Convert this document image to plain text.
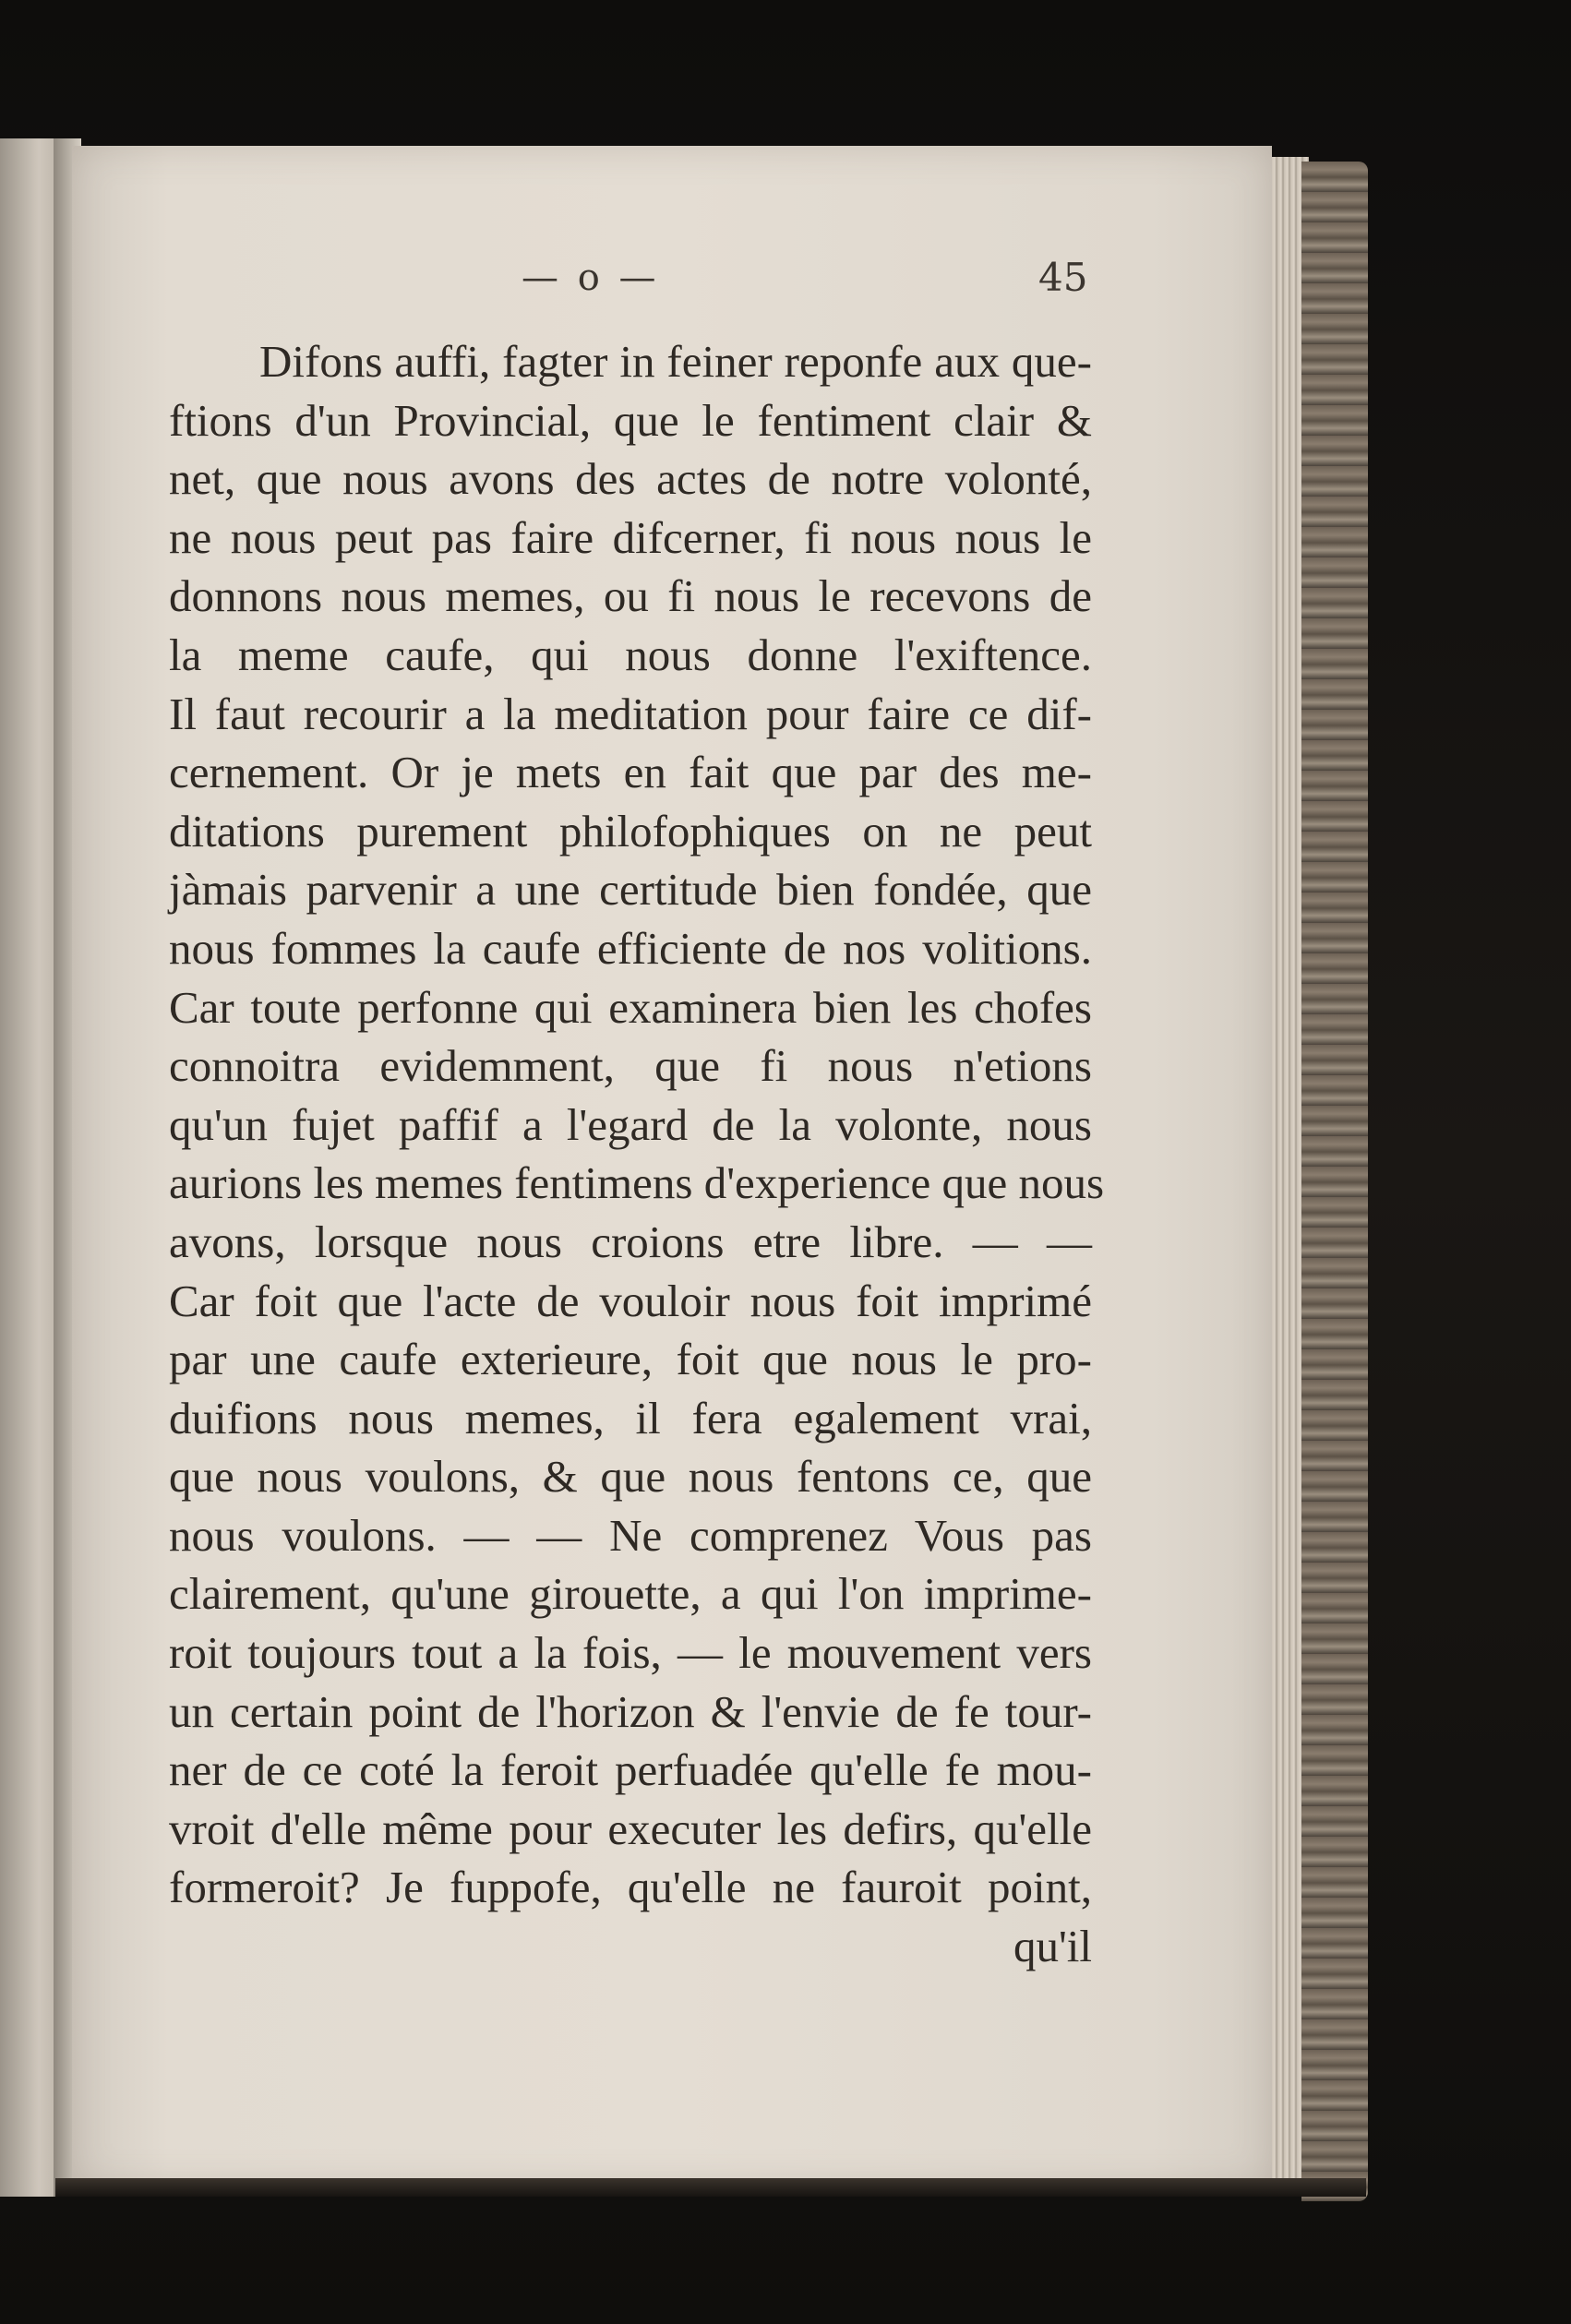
— o —	45
Difons auffi, fagter in feiner reponfe aux que-
ftions d'un Provincial, que le fentiment clair &
net, que nous avons des actes de notre volonté,
ne nous peut pas faire difcerner, fi nous nous le
donnons nous memes, ou fi nous le recevons de
la meme caufe, qui nous donne l'exiftence.
Il faut recourir a la meditation pour faire ce dif-
cernement. Or je mets en fait que par des me-
ditations purement philofophiques on ne peut
jàmais parvenir a une certitude bien fondée, que
nous fommes la caufe efficiente de nos volitions.
Car toute perfonne qui examinera bien les chofes
connoitra evidemment, que fi nous n'etions
qu'un fujet paffif a l'egard de la volonte, nous
aurions les memes fentimens d'experience que nous
avons, lorsque nous croions etre libre. — —
Car foit que l'acte de vouloir nous foit imprimé
par une caufe exterieure, foit que nous le pro-
duifions nous memes, il fera egalement vrai,
que nous voulons, & que nous fentons ce, que
nous voulons. — — Ne comprenez Vous pas
clairement, qu'une girouette, a qui l'on imprime-
roit toujours tout a la fois, — le mouvement vers
un certain point de l'horizon & l'envie de fe tour-
ner de ce coté la feroit perfuadée qu'elle fe mou-
vroit d'elle même pour executer les defirs, qu'elle
formeroit? Je fuppofe, qu'elle ne fauroit point,
qu'il
